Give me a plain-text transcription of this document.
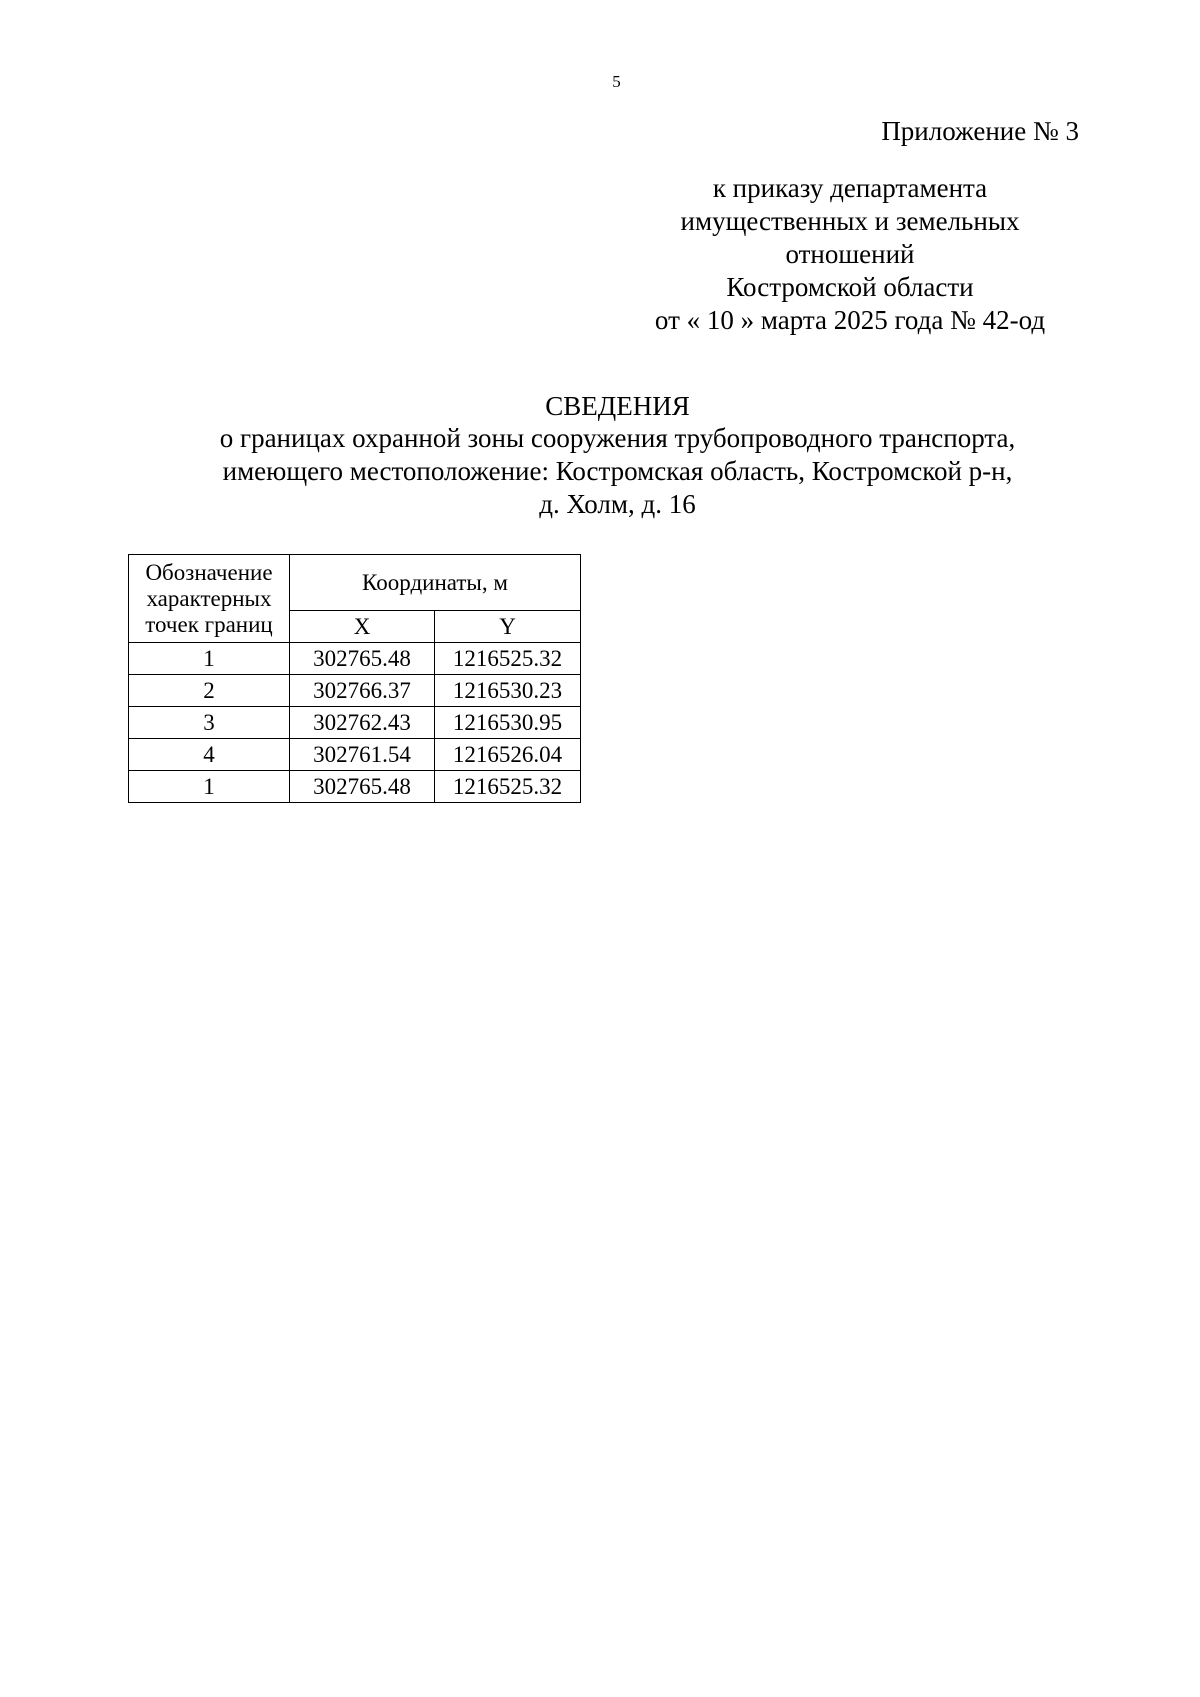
5
Приложение № 3
к приказу департамента
имущественных и земельных
отношений
Костромской области
от « 10 » марта 2025 года № 42-од
СВЕДЕНИЯ
о границах охранной зоны сооружения трубопроводного транспорта,
имеющего местоположение: Костромская область, Костромской р-н,
д. Холм, д. 16
Обозначение
характерных
точек границ	Координаты, м	
	X	Y
1	302765.48	1216525.32
2	302766.37	1216530.23
3	302762.43	1216530.95
4	302761.54	1216526.04
1	302765.48	1216525.32
